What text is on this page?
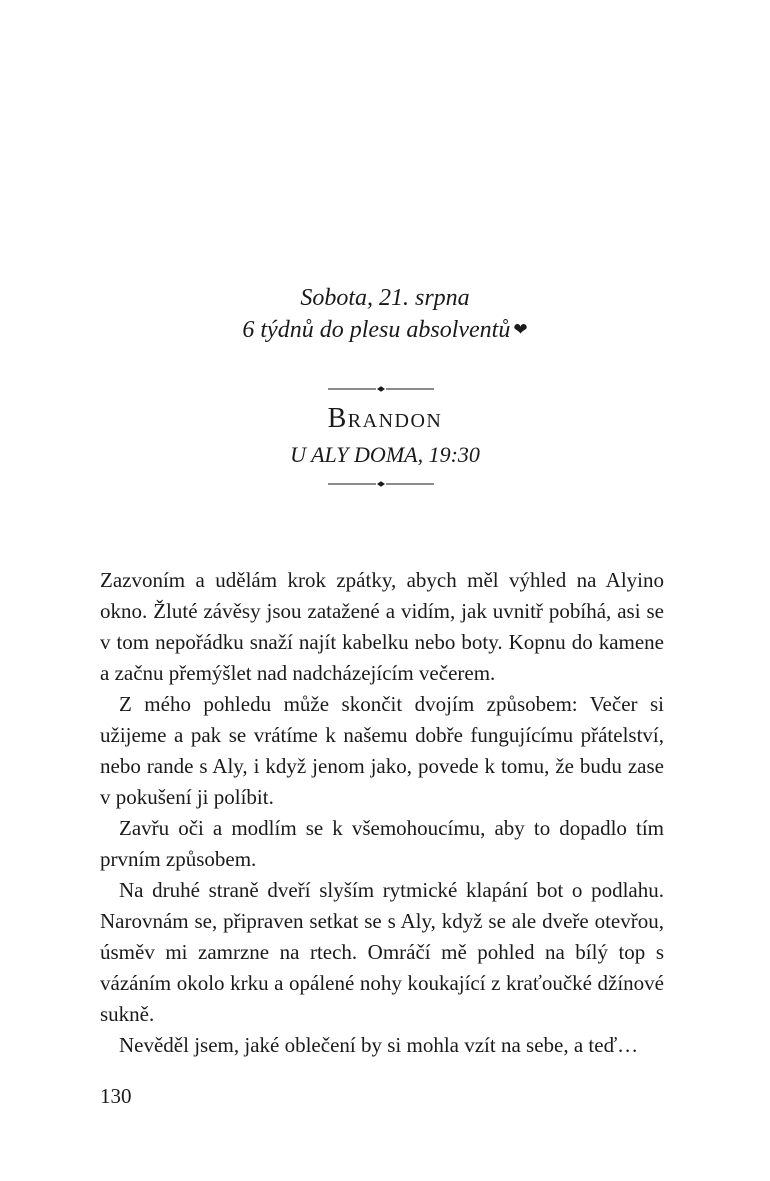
Sobota, 21. srpna
6 týdnů do plesu absolventů ❤
Brandon
U ALY DOMA, 19:30

Zazvoním a udělám krok zpátky, abych měl výhled na Alyino okno. Žluté závěsy jsou zatažené a vidím, jak uvnitř pobíhá, asi se v tom nepořádku snaží najít kabelku nebo boty. Kopnu do kamene a začnu přemýšlet nad nadcházejícím večerem.

Z mého pohledu může skončit dvojím způsobem: Večer si užijeme a pak se vrátíme k našemu dobře fungujícímu přátelství, nebo rande s Aly, i když jenom jako, povede k tomu, že budu zase v pokušení ji políbit.

Zavřu oči a modlím se k všemohoucímu, aby to dopadlo tím prvním způsobem.

Na druhé straně dveří slyším rytmické klapání bot o podlahu. Narovnám se, připraven setkat se s Aly, když se ale dveře otevřou, úsměv mi zamrzne na rtech. Omráčí mě pohled na bílý top s vázáním okolo krku a opálené nohy koukající z kraťoučké džínové sukně.

Nevěděl jsem, jaké oblečení by si mohla vzít na sebe, a teď…

130
